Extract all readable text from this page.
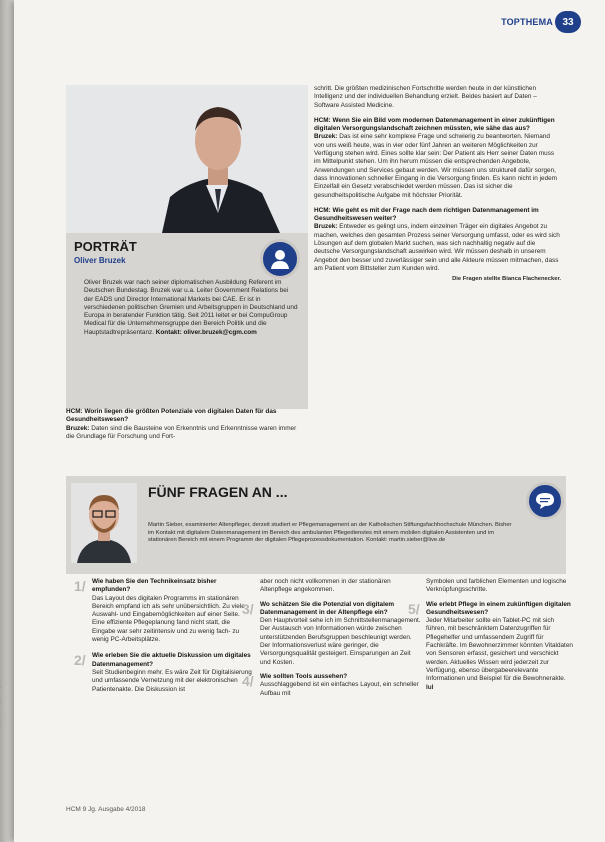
TOPTHEMA 33
PORTRÄT
Oliver Bruzek
Oliver Bruzek war nach seiner diplomatischen Ausbildung Referent im Deutschen Bundestag. Bruzek war u.a. Leiter Government Relations bei der EADS und Director International Markets bei CAE. Er ist in verschiedenen politischen Gremien und Arbeitsgruppen in Deutschland und Europa in beratender Funktion tätig. Seit 2011 leitet er bei CompuGroup Medical für die Unternehmensgruppe den Bereich Politik und die Hauptstadtrepräsentanz. Kontakt: oliver.bruzek@cgm.com
HCM: Worin liegen die größten Potenziale von digitalen Daten für das Gesundheitswesen?
Bruzek: Daten sind die Bausteine von Erkenntnis und Erkenntnisse waren immer die Grundlage für Forschung und Fort-

schritt. Die größten medizinischen Fortschritte werden heute in der künstlichen Intelligenz und der individuellen Behandlung erzielt. Beides basiert auf Daten – Software Assisted Medicine.

HCM: Wenn Sie ein Bild vom modernen Datenmanagement in einer zukünftigen digitalen Versorgungslandschaft zeichnen müssten, wie sähe das aus?

Bruzek: Das ist eine sehr komplexe Frage und schwierig zu beantworten. Niemand von uns weiß heute, was in vier oder fünf Jahren an weiteren Möglichkeiten zur Verfügung stehen wird. Eines sollte klar sein: Der Patient als Herr seiner Daten muss im Mittelpunkt stehen. Um ihn herum müssen die entsprechenden Angebote, Anwendungen und Services gebaut werden. Wir müssen uns strukturell dafür sorgen, dass Innovationen schneller Eingang in die Versorgung finden. Es kann nicht in jedem Einzelfall ein Gesetz verabschiedet werden müssen. Das ist sicher die gesundheitspolitische Aufgabe mit höchster Priorität.

HCM: Wie geht es mit der Frage nach dem richtigen Datenmanagement im Gesundheitswesen weiter?

Bruzek: Entweder es gelingt uns, indem einzelnen Träger ein digitales Angebot zu machen, welches den gesamten Prozess seiner Versorgung umfasst, oder es wird sich Lösungen auf dem globalen Markt suchen, was sich nachhaltig negativ auf die deutsche Versorgungslandschaft auswirken wird. Wir müssen deshalb in unserem Angebot den besser und zuverlässiger sein und alle Akteure müssen mitmachen, dass am Patient vom Bittsteller zum Kunden wird.

Die Fragen stellte Bianca Flachenecker.

FÜNF FRAGEN AN ...
Martin Sieber, examinierter Altenpfleger, derzeit studiert er Pflegemanagement an der Katholischen Stiftungsfachhochschule München. Bisher im Kontakt mit digitalem Datenmanagement im Bereich des ambulanten Pflegedienstes mit einem mobilen digitalen Assistenten und im stationären Bereich mit einem Programm der digitalen Pflegeprozessdokumentation. Kontakt: martin.sieber@live.de
1/ Wie haben Sie den Technikeinsatz bisher empfunden?

Das Layout des digitalen Programms im stationären Bereich empfand ich als sehr unübersichtlich. Zu viele Auswahl- und Eingabemöglichkeiten auf einer Seite. Eine effiziente Pflegeplanung fand nicht statt, die Eingabe war sehr zeitintensiv und zu wenig fach- zu wenig PC-Arbeitsplätze.

2/ Wie erleben Sie die aktuelle Diskussion um digitales Datenmanagement?

Seit Studienbeginn mehr. Es wäre Zeit für Digitalisierung und umfassende Vernetzung mit der elektronischen Patientenakte. Die Diskussion ist

aber noch nicht vollkommen in der stationären Altenpflege angekommen.

3/ Wo schätzen Sie die Potenzial von digitalem Datenmanagement in der Altenpflege ein?

Den Hauptvorteil sehe ich im Schnittstellenmanagement. Der Austausch von Informationen würde zwischen unterstützenden Berufsgruppen beschleunigt werden. Der Informationsverlust wäre geringer, die Versorgungsqualität gesteigert. Einsparungen an Zeit und Kosten.

4/ Wie sollten Tools aussehen?

Ausschlaggebend ist ein einfaches Layout, ein schneller Aufbau mit

Symbolen und farblichen Elementen und logische Verknüpfungsschritte.

5/ Wie erlebt Pflege in einem zukünftigen digitalen Gesundheitswesen?

Jeder Mitarbeiter sollte ein Tablet-PC mit sich führen, mit beschränktem Datenzugriffen für Pflegehelfer und umfassendem Zugriff für Fachkräfte. Im Bewohnerzimmer könnten Vitaldaten von Sensoren erfasst, gesichert und verschickt werden. Aktuelles Wissen wird jederzeit zur Verfügung, ebenso übergabeerelevante Informationen und Beispiel für die Bewohnerakte. lul

HCM 9 Jg. Ausgabe 4/2018
